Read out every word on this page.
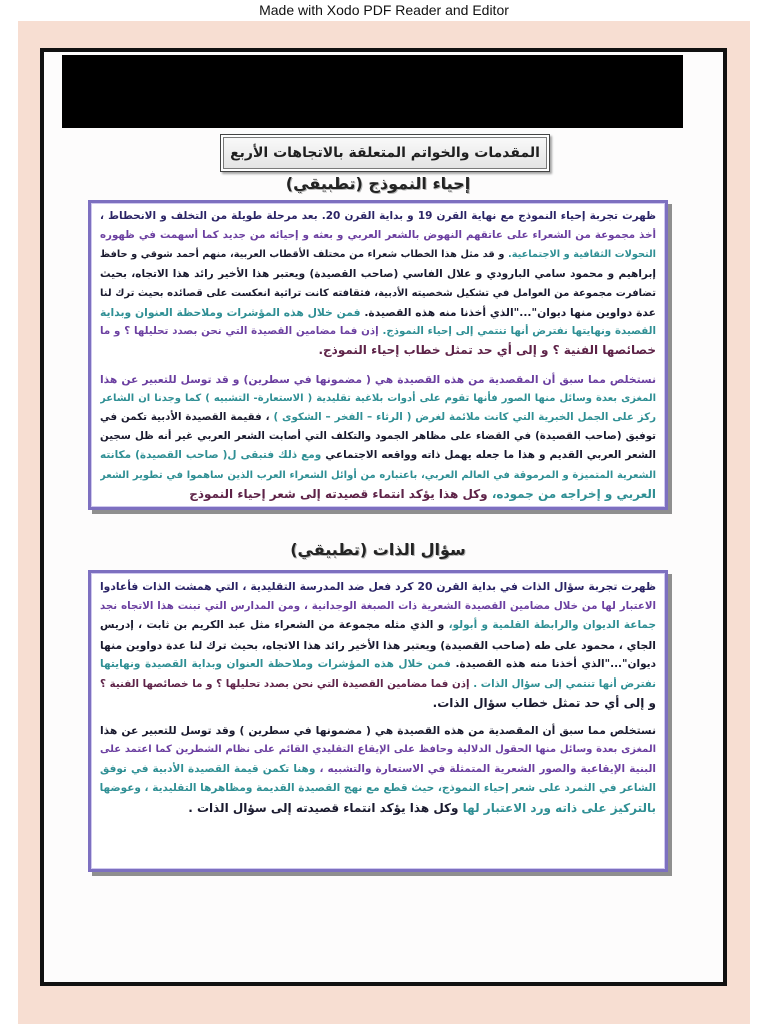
Made with Xodo PDF Reader and Editor
المقدمات والخواتم المتعلقة بالاتجاهات الأربع
إحياء النموذج (تطبيقي)
ظهرت تجربة إحياء النموذج مع نهاية القرن 19 و بداية القرن 20. بعد مرحلة طويلة من التخلف و الانحطاط ،
أخذ مجموعة من الشعراء على عاتقهم النهوض بالشعر العربي و بعثه و إحيائه من جديد كما أسهمت في ظهوره
التحولات الثقافية و الاجتماعية. و قد مثل هذا الخطاب شعراء من مختلف الأقطاب العربية، منهم أحمد شوقي و حافظ
إبراهيم و محمود سامي البارودي و علال الفاسي (صاحب القصيدة) ويعتبر هذا الأخير رائد هذا الاتجاه، بحيث
تضافرت مجموعة من العوامل في تشكيل شخصيته الأدبية، فثقافته كانت تراثية انعكست على قصائده بحيث ترك لنا
عدة دواوين منها ديوان"..."الذي أخذنا منه هذه القصيدة. فمن خلال هذه المؤشرات وملاحظة العنوان وبداية
القصيدة ونهايتها نفترض أنها تنتمي إلى إحياء النموذج. إذن فما مضامين القصيدة التي نحن بصدد تحليلها ؟ و ما
خصائصها الفنية ؟ و إلى أي حد تمثل خطاب إحياء النموذج.
نستخلص مما سبق أن المقصدية من هذه القصيدة هي ( مضمونها في سطرين) و قد توسل للتعبير عن هذا
المغزى بعدة وسائل منها الصور فأنها تقوم على أدوات بلاغية تقليدية ( الاستعارة- التشبيه ) كما وجدنا ان الشاعر
ركز على الجمل الخبرية التي كانت ملائمة لغرض ( الرثاء – الفخر – الشكوى ) ، فقيمة القصيدة الأدبية تكمن في
توفيق (صاحب القصيدة) في القضاء على مظاهر الجمود والتكلف التي أصابت الشعر العربي غير أنه ظل سجين
الشعر العربي القديم و هذا ما جعله يهمل ذاته وواقعه الاجتماعي ومع ذلك فتبقى ل( صاحب القصيدة) مكانته
الشعرية المتميزة و المرموقة في العالم العربي، باعتباره من أوائل الشعراء العرب الذين ساهموا في تطوير الشعر
العربي و إخراجه من جموده، وكل هذا يؤكد انتماء قصيدته إلى شعر إحياء النموذج
سؤال الذات (تطبيقي)
ظهرت تجربة سؤال الذات في بداية القرن 20 كرد فعل ضد المدرسة التقليدية ، التي همشت الذات فأعادوا
الاعتبار لها من خلال مضامين القصيدة الشعرية ذات الصبغة الوجدانية ، ومن المدارس التي تبنت هذا الاتجاه نجد
جماعة الديوان والرابطة القلمية و أبولو، و الذي مثله مجموعة من الشعراء مثل عبد الكريم بن ثابت ، إدريس
الجاي ، محمود على طه (صاحب القصيدة) ويعتبر هذا الأخير رائد هذا الاتجاه، بحيث ترك لنا عدة دواوين منها
ديوان"..."الذي أخذنا منه هذه القصيدة. فمن خلال هذه المؤشرات وملاحظة العنوان وبداية القصيدة ونهايتها
نفترض أنها تنتمي إلى سؤال الذات . إذن فما مضامين القصيدة التي نحن بصدد تحليلها ؟ و ما خصائصها الفنية ؟
و إلى أي حد تمثل خطاب سؤال الذات.
نستخلص مما سبق أن المقصدية من هذه القصيدة هي ( مضمونها في سطرين ) وقد توسل للتعبير عن هذا
المغزى بعدة وسائل منها الحقول الدلالية وحافظ على الإيقاع التقليدي القائم على نظام الشطرين كما اعتمد على
البنية الإيقاعية والصور الشعرية المتمثلة في الاستعارة والتشبيه ، وهنا تكمن قيمة القصيدة الأدبية في توفق
الشاعر في الثمرد على شعر إحياء النموذج، حيث قطع مع نهج القصيدة القديمة ومظاهرها التقليدية ، وعوضها
بالتركيز على ذاته ورد الاعتبار لها وكل هذا يؤكد انتماء قصيدته إلى سؤال الذات .
